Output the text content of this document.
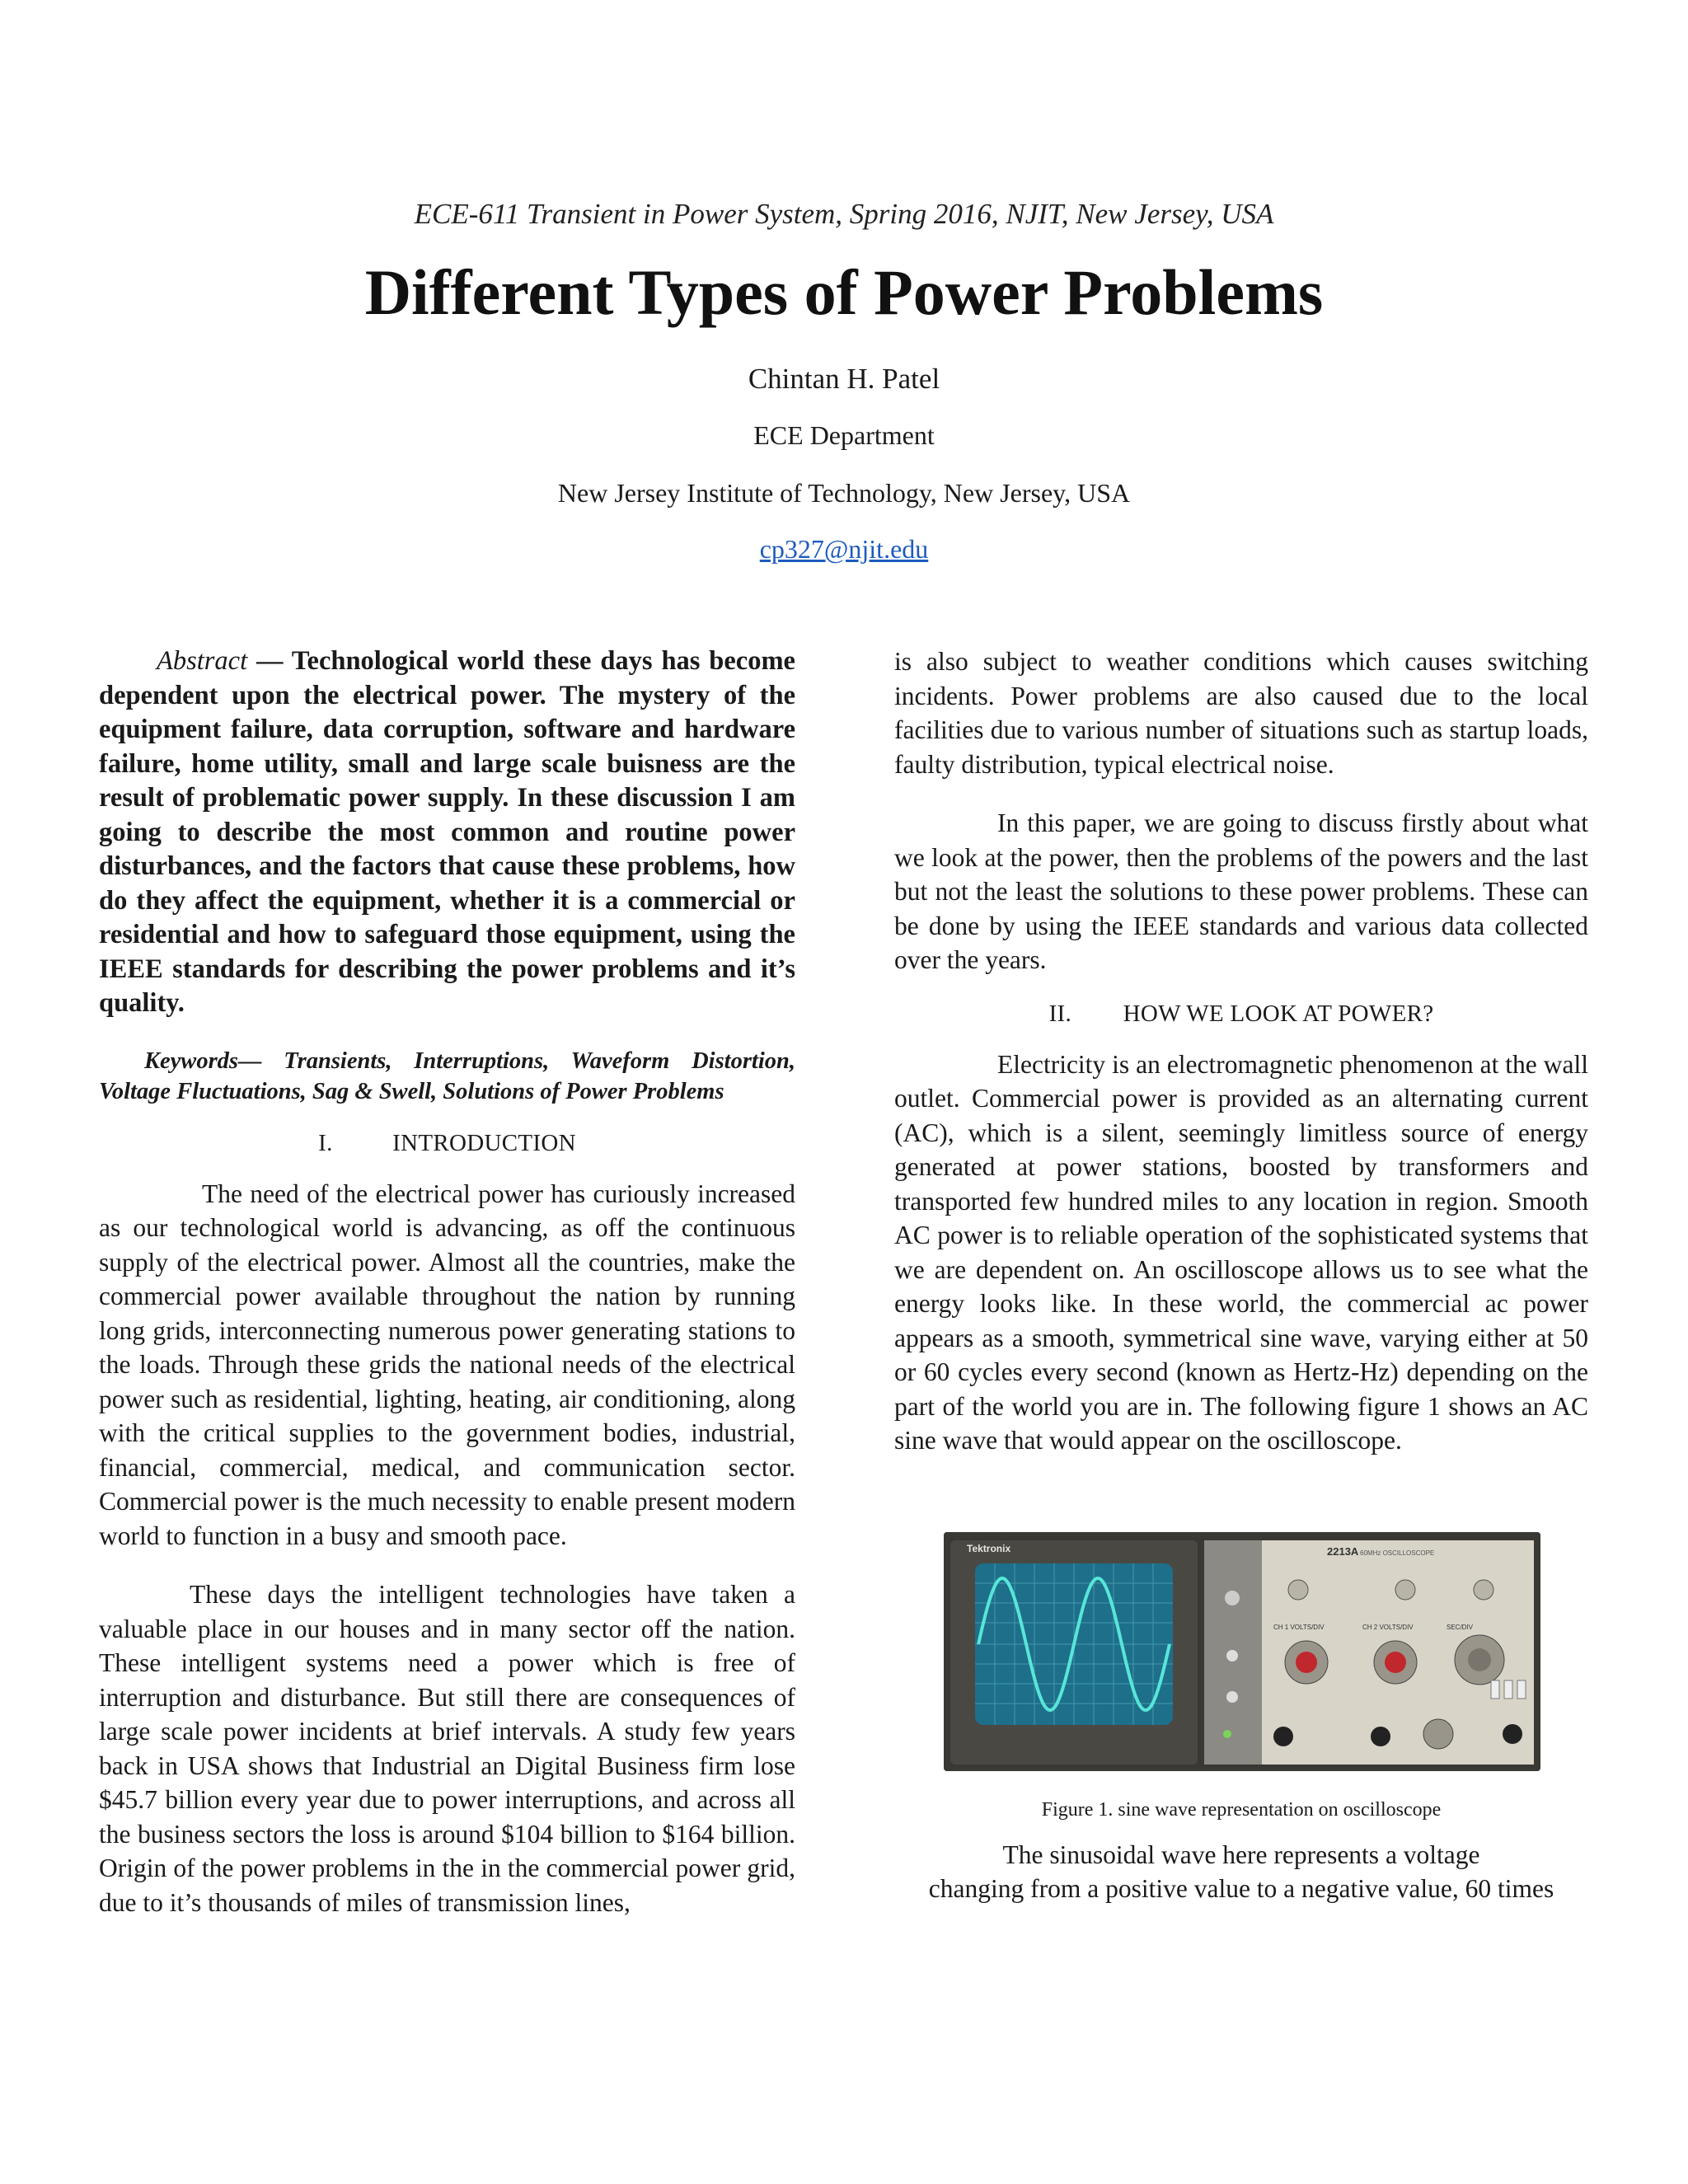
ECE-611 Transient in Power System, Spring 2016, NJIT, New Jersey, USA
Different Types of Power Problems
Chintan H. Patel
ECE Department
New Jersey Institute of Technology, New Jersey, USA
cp327@njit.edu

Abstract — Technological world these days has become dependent upon the electrical power. The mystery of the equipment failure, data corruption, software and hardware failure, home utility, small and large scale buisness are the result of problematic power supply. In these discussion I am going to describe the most common and routine power disturbances, and the factors that cause these problems, how do they affect the equipment, whether it is a commercial or residential and how to safeguard those equipment, using the IEEE standards for describing the power problems and it’s quality.

Keywords— Transients, Interruptions, Waveform Distortion, Voltage Fluctuations, Sag & Swell, Solutions of Power Problems

I. INTRODUCTION

The need of the electrical power has curiously increased as our technological world is advancing, as off the continuous supply of the electrical power. Almost all the countries, make the commercial power available throughout the nation by running long grids, interconnecting numerous power generating stations to the loads. Through these grids the national needs of the electrical power such as residential, lighting, heating, air conditioning, along with the critical supplies to the government bodies, industrial, financial, commercial, medical, and communication sector. Commercial power is the much necessity to enable present modern world to function in a busy and smooth pace.

These days the intelligent technologies have taken a valuable place in our houses and in many sector off the nation. These intelligent systems need a power which is free of interruption and disturbance. But still there are consequences of large scale power incidents at brief intervals. A study few years back in USA shows that Industrial an Digital Business firm lose $45.7 billion every year due to power interruptions, and across all the business sectors the loss is around $104 billion to $164 billion. Origin of the power problems in the in the commercial power grid, due to it’s thousands of miles of transmission lines,

is also subject to weather conditions which causes switching incidents. Power problems are also caused due to the local facilities due to various number of situations such as startup loads, faulty distribution, typical electrical noise.

In this paper, we are going to discuss firstly about what we look at the power, then the problems of the powers and the last but not the least the solutions to these power problems. These can be done by using the IEEE standards and various data collected over the years.

II. HOW WE LOOK AT POWER?

Electricity is an electromagnetic phenomenon at the wall outlet. Commercial power is provided as an alternating current (AC), which is a silent, seemingly limitless source of energy generated at power stations, boosted by transformers and transported few hundred miles to any location in region. Smooth AC power is to reliable operation of the sophisticated systems that we are dependent on. An oscilloscope allows us to see what the energy looks like. In these world, the commercial ac power appears as a smooth, symmetrical sine wave, varying either at 50 or 60 cycles every second (known as Hertz-Hz) depending on the part of the world you are in. The following figure 1 shows an AC sine wave that would appear on the oscilloscope.

Tektronix	2213A 60MHz OSCILLOSCOPE
CH 1 VOLTS/DIV	CH 2 VOLTS/DIV	SEC/DIV
Figure 1. sine wave representation on oscilloscope
The sinusoidal wave here represents a voltage
changing from a positive value to a negative value, 60 times
